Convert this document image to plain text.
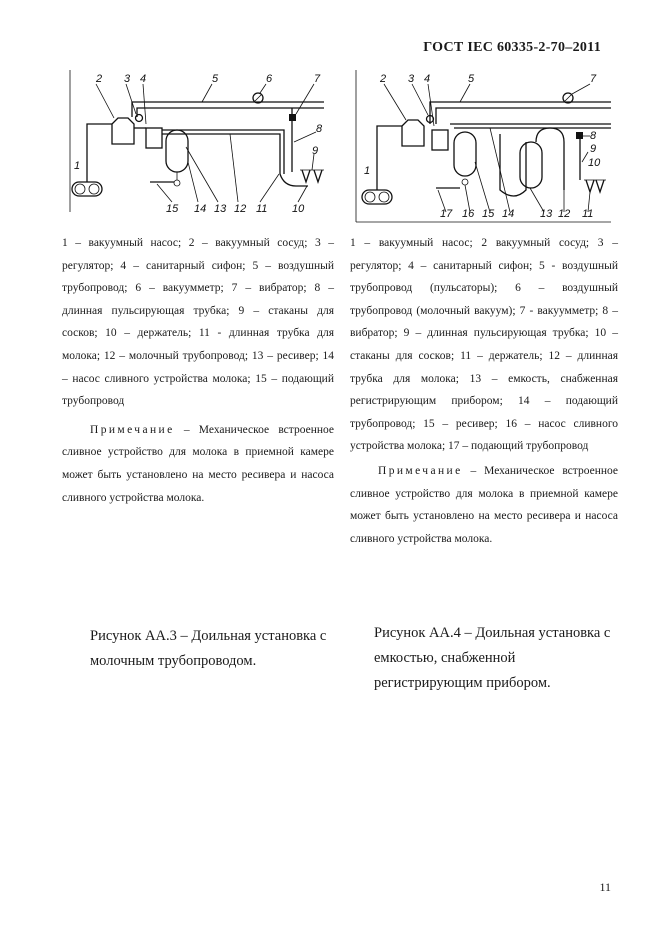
ГОСТ IEC 60335-2-70–2011
2 3 4	5	6	7
8
9
1
15 14 13 12 11 10
2 3 4	5	7
8
9
10
1
17 16 15 14 13 12 11

1 – вакуумный насос; 2 – вакуумный сосуд; 3 – регулятор; 4 – санитарный сифон; 5 – воздушный трубопровод; 6 – вакуумметр; 7 – вибратор; 8 – длинная пульсирующая трубка; 9 – стаканы для сосков; 10 – держатель; 11 - длинная трубка для молока; 12 – молочный трубопровод; 13 – ресивер; 14 – насос сливного устройства молока; 15 – подающий трубопровод

Примечание – Механическое встроенное сливное устройство для молока в приемной камере может быть установлено на место ресивера и насоса сливного устройства молока.

1 – вакуумный насос; 2 вакуумный сосуд; 3 – регулятор; 4 – санитарный сифон; 5 - воздушный трубопровод (пульсаторы); 6 – воздушный трубопровод (молочный вакуум); 7 - вакуумметр; 8 – вибратор; 9 – длинная пульсирующая трубка; 10 – стаканы для сосков; 11 – держатель; 12 – длинная трубка для молока; 13 – емкость, снабженная регистрирующим прибором; 14 – подающий трубопровод; 15 – ресивер; 16 – насос сливного устройства молока; 17 – подающий трубопровод

Примечание – Механическое встроенное сливное устройство для молока в приемной камере может быть установлено на место ресивера и насоса сливного устройства молока.

Рисунок АА.3 – Доильная установка с молочным трубопроводом.
Рисунок АА.4 – Доильная установка с емкостью, снабженной регистрирующим прибором.
11
